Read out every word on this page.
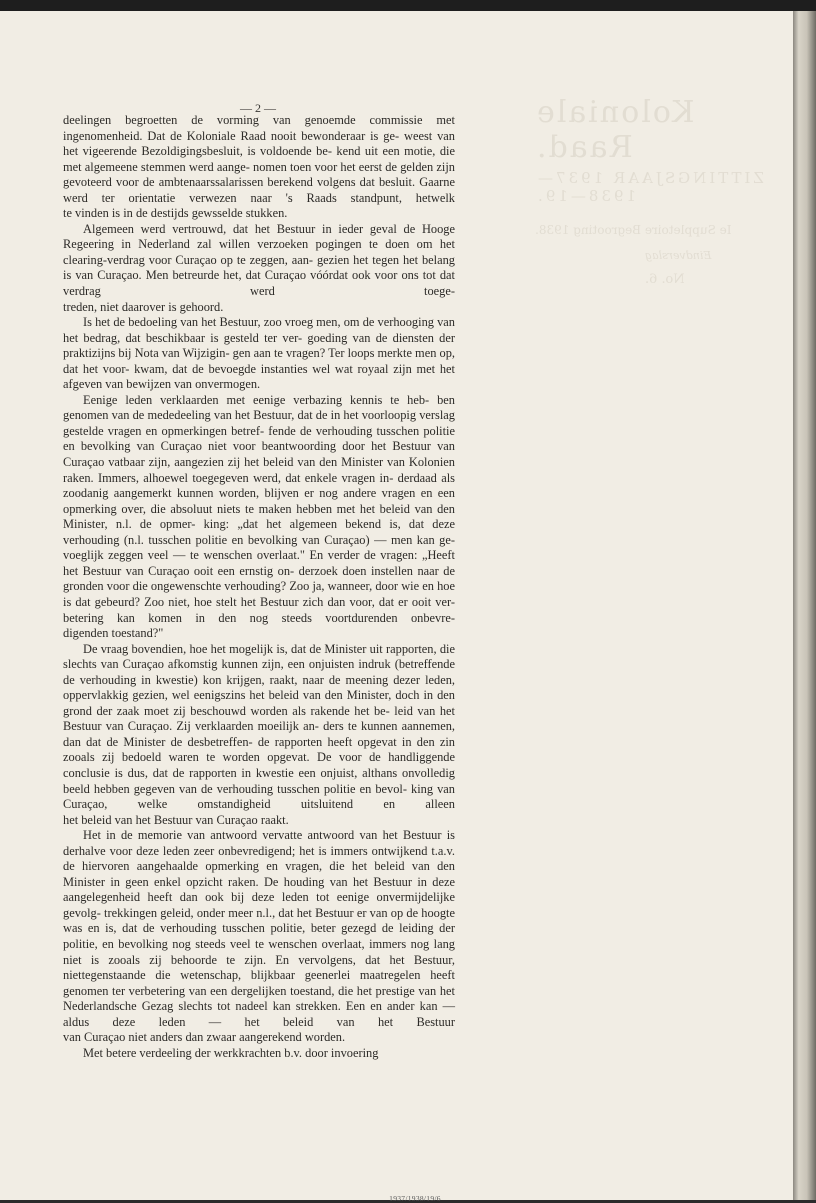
Koloniale Raad.
ZITTINGSJAAR 1937—1938—19.
Ie Suppletoire Begrooting 1938.
Eindverslag
No. 6.
— 2 —

deelingen begroetten de vorming van genoemde commissie met ingenomenheid. Dat de Koloniale Raad nooit bewonderaar is ge- weest van het vigeerende Bezoldigingsbesluit, is voldoende be- kend uit een motie, die met algemeene stemmen werd aange- nomen toen voor het eerst de gelden zijn gevoteerd voor de ambtenaarssalarissen berekend volgens dat besluit. Gaarne werd ter orientatie verwezen naar 's Raads standpunt, hetwelk
te vinden is in de destijds gewsselde stukken.

Algemeen werd vertrouwd, dat het Bestuur in ieder geval de Hooge Regeering in Nederland zal willen verzoeken pogingen te doen om het clearing-verdrag voor Curaçao op te zeggen, aan- gezien het tegen het belang is van Curaçao. Men betreurde het, dat Curaçao vóórdat ook voor ons tot dat verdrag werd toege-
treden, niet daarover is gehoord.

Is het de bedoeling van het Bestuur, zoo vroeg men, om de verhooging van het bedrag, dat beschikbaar is gesteld ter ver- goeding van de diensten der praktizijns bij Nota van Wijzigin- gen aan te vragen? Ter loops merkte men op, dat het voor- kwam, dat de bevoegde instanties wel wat royaal zijn met het
afgeven van bewijzen van onvermogen.

Eenige leden verklaarden met eenige verbazing kennis te heb- ben genomen van de mededeeling van het Bestuur, dat de in het voorloopig verslag gestelde vragen en opmerkingen betref- fende de verhouding tusschen politie en bevolking van Curaçao niet voor beantwoording door het Bestuur van Curaçao vatbaar zijn, aangezien zij het beleid van den Minister van Kolonien raken. Immers, alhoewel toegegeven werd, dat enkele vragen in- derdaad als zoodanig aangemerkt kunnen worden, blijven er nog andere vragen en een opmerking over, die absoluut niets te maken hebben met het beleid van den Minister, n.l. de opmer- king: „dat het algemeen bekend is, dat deze verhouding (n.l. tusschen politie en bevolking van Curaçao) — men kan ge- voeglijk zeggen veel — te wenschen overlaat." En verder de vragen: „Heeft het Bestuur van Curaçao ooit een ernstig on- derzoek doen instellen naar de gronden voor die ongewenschte verhouding? Zoo ja, wanneer, door wie en hoe is dat gebeurd? Zoo niet, hoe stelt het Bestuur zich dan voor, dat er ooit ver- betering kan komen in den nog steeds voortdurenden onbevre-
digenden toestand?"

De vraag bovendien, hoe het mogelijk is, dat de Minister uit rapporten, die slechts van Curaçao afkomstig kunnen zijn, een onjuisten indruk (betreffende de verhouding in kwestie) kon krijgen, raakt, naar de meening dezer leden, oppervlakkig gezien, wel eenigszins het beleid van den Minister, doch in den grond der zaak moet zij beschouwd worden als rakende het be- leid van het Bestuur van Curaçao. Zij verklaarden moeilijk an- ders te kunnen aannemen, dan dat de Minister de desbetreffen- de rapporten heeft opgevat in den zin zooals zij bedoeld waren te worden opgevat. De voor de handliggende conclusie is dus, dat de rapporten in kwestie een onjuist, althans onvolledig beeld hebben gegeven van de verhouding tusschen politie en bevol- king van Curaçao, welke omstandigheid uitsluitend en alleen
het beleid van het Bestuur van Curaçao raakt.

Het in de memorie van antwoord vervatte antwoord van het Bestuur is derhalve voor deze leden zeer onbevredigend; het is immers ontwijkend t.a.v. de hiervoren aangehaalde opmerking en vragen, die het beleid van den Minister in geen enkel opzicht raken. De houding van het Bestuur in deze aangelegenheid heeft dan ook bij deze leden tot eenige onvermijdelijke gevolg- trekkingen geleid, onder meer n.l., dat het Bestuur er van op de hoogte was en is, dat de verhouding tusschen politie, beter gezegd de leiding der politie, en bevolking nog steeds veel te wenschen overlaat, immers nog lang niet is zooals zij behoorde te zijn. En vervolgens, dat het Bestuur, niettegenstaande die wetenschap, blijkbaar geenerlei maatregelen heeft genomen ter verbetering van een dergelijken toestand, die het prestige van het Nederlandsche Gezag slechts tot nadeel kan strekken. Een en ander kan — aldus deze leden — het beleid van het Bestuur
van Curaçao niet anders dan zwaar aangerekend worden.

Met betere verdeeling der werkkrachten b.v. door invoering

1937/1938/19/6
